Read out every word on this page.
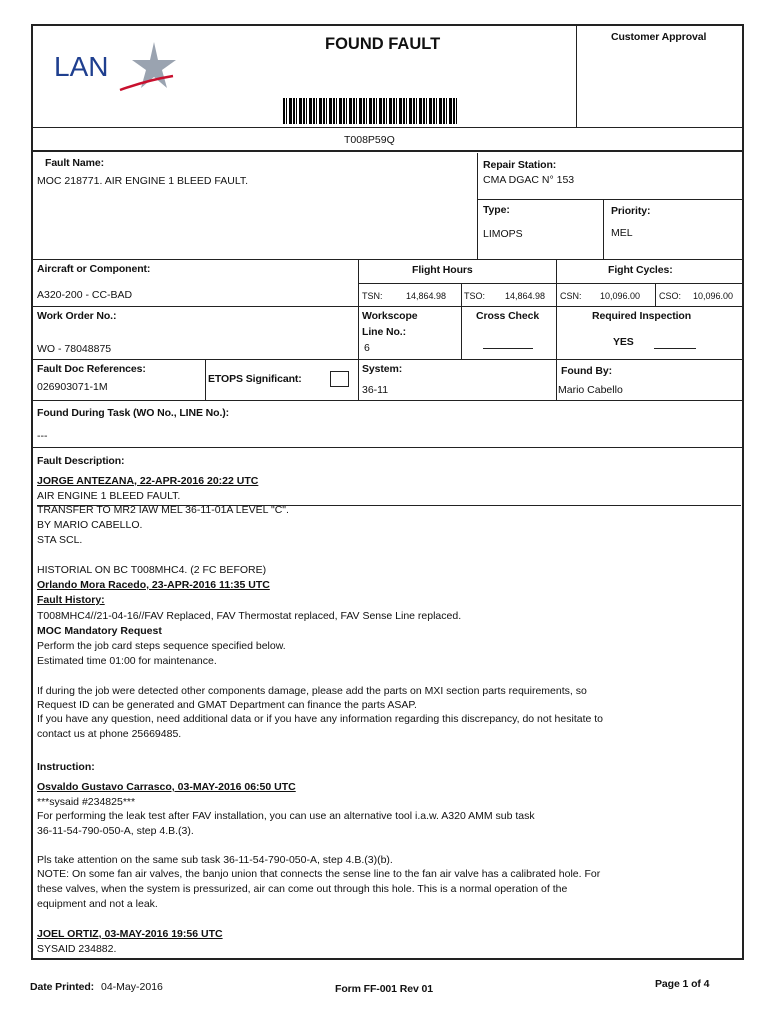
LAN
FOUND FAULT	Customer Approval
T008P59Q
Fault Name:
MOC 218771. AIR ENGINE 1 BLEED FAULT.
Repair Station:
CMA DGAC N° 153
Type:
LIMOPS
Priority:
MEL
Aircraft or Component:
A320-200 - CC-BAD
Flight Hours	Fight Cycles:
TSN:	14,864.98 TSO: 14,864.98 CSN: 10,096.00 CSO: 10,096.00
Work Order No.:
WO - 78048875
Workscope
Line No.:
6
Cross Check	Required Inspection
YES
Fault Doc References:
026903071-1M
ETOPS Significant:
System:
36-11
Found By:
Mario Cabello
Found During Task (WO No., LINE No.):
---
Fault Description:
JORGE ANTEZANA, 22-APR-2016 20:22 UTC
AIR ENGINE 1 BLEED FAULT.
TRANSFER TO MR2 IAW MEL 36-11-01A LEVEL "C".
BY MARIO CABELLO.
STA SCL.
HISTORIAL ON BC T008MHC4. (2 FC BEFORE)
Orlando Mora Racedo, 23-APR-2016 11:35 UTC
Fault History:
T008MHC4//21-04-16//FAV Replaced, FAV Thermostat replaced, FAV Sense Line replaced.
MOC Mandatory Request
Perform the job card steps sequence specified below.
Estimated time 01:00 for maintenance.
If during the job were detected other components damage, please add the parts on MXI section parts requirements, so
Request ID can be generated and GMAT Department can finance the parts ASAP.
If you have any question, need additional data or if you have any information regarding this discrepancy, do not hesitate to
contact us at phone 25669485.
Instruction:
Osvaldo Gustavo Carrasco, 03-MAY-2016 06:50 UTC
***sysaid #234825***
For performing the leak test after FAV installation, you can use an alternative tool i.a.w. A320 AMM sub task
36-11-54-790-050-A, step 4.B.(3).
Pls take attention on the same sub task 36-11-54-790-050-A, step 4.B.(3)(b).
NOTE: On some fan air valves, the banjo union that connects the sense line to the fan air valve has a calibrated hole. For
these valves, when the system is pressurized, air can come out through this hole. This is a normal operation of the
equipment and not a leak.
JOEL ORTIZ, 03-MAY-2016 19:56 UTC
SYSAID 234882.
Date Printed: 04-May-2016	Form FF-001 Rev 01	Page 1 of 4
